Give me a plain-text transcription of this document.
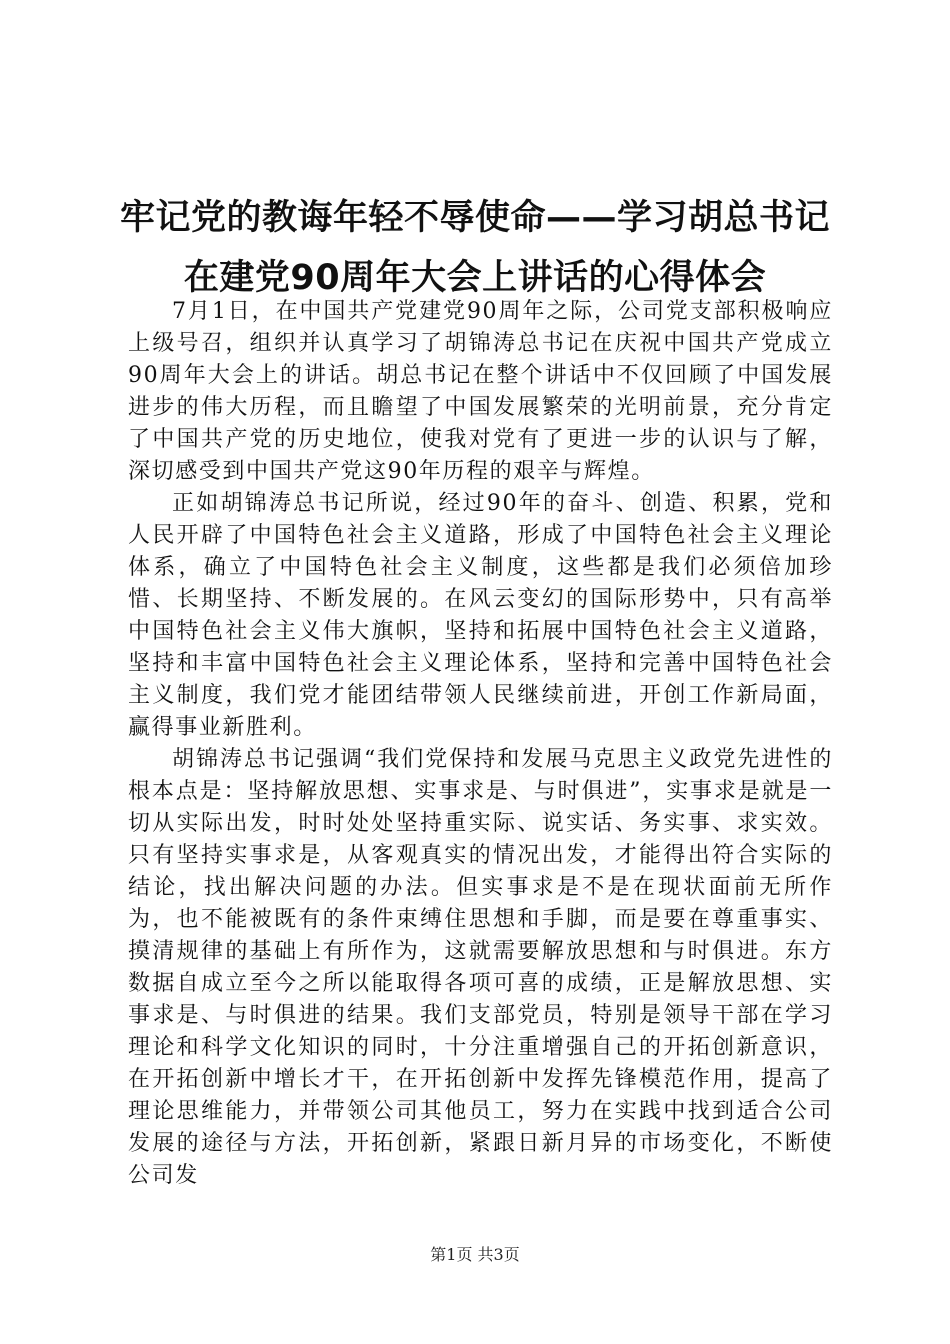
牢记党的教诲年轻不辱使命——学习胡总书记
在建党90周年大会上讲话的心得体会

7月1日，在中国共产党建党90周年之际，公司党支部积极响应上级号召，组织并认真学习了胡锦涛总书记在庆祝中国共产党成立90周年大会上的讲话。胡总书记在整个讲话中不仅回顾了中国发展进步的伟大历程，而且瞻望了中国发展繁荣的光明前景，充分肯定了中国共产党的历史地位，使我对党有了更进一步的认识与了解，深切感受到中国共产党这90年历程的艰辛与辉煌。

正如胡锦涛总书记所说，经过90年的奋斗、创造、积累，党和人民开辟了中国特色社会主义道路，形成了中国特色社会主义理论体系，确立了中国特色社会主义制度，这些都是我们必须倍加珍惜、长期坚持、不断发展的。在风云变幻的国际形势中，只有高举中国特色社会主义伟大旗帜，坚持和拓展中国特色社会主义道路，坚持和丰富中国特色社会主义理论体系，坚持和完善中国特色社会主义制度，我们党才能团结带领人民继续前进，开创工作新局面，赢得事业新胜利。

胡锦涛总书记强调“我们党保持和发展马克思主义政党先进性的根本点是：坚持解放思想、实事求是、与时俱进”，实事求是就是一切从实际出发，时时处处坚持重实际、说实话、务实事、求实效。只有坚持实事求是，从客观真实的情况出发，才能得出符合实际的结论，找出解决问题的办法。但实事求是不是在现状面前无所作为，也不能被既有的条件束缚住思想和手脚，而是要在尊重事实、摸清规律的基础上有所作为，这就需要解放思想和与时俱进。东方数据自成立至今之所以能取得各项可喜的成绩，正是解放思想、实事求是、与时俱进的结果。我们支部党员，特别是领导干部在学习理论和科学文化知识的同时，十分注重增强自己的开拓创新意识，在开拓创新中增长才干，在开拓创新中发挥先锋模范作用，提高了理论思维能力，并带领公司其他员工，努力在实践中找到适合公司发展的途径与方法，开拓创新，紧跟日新月异的市场变化，不断使公司发

第1页 共3页
